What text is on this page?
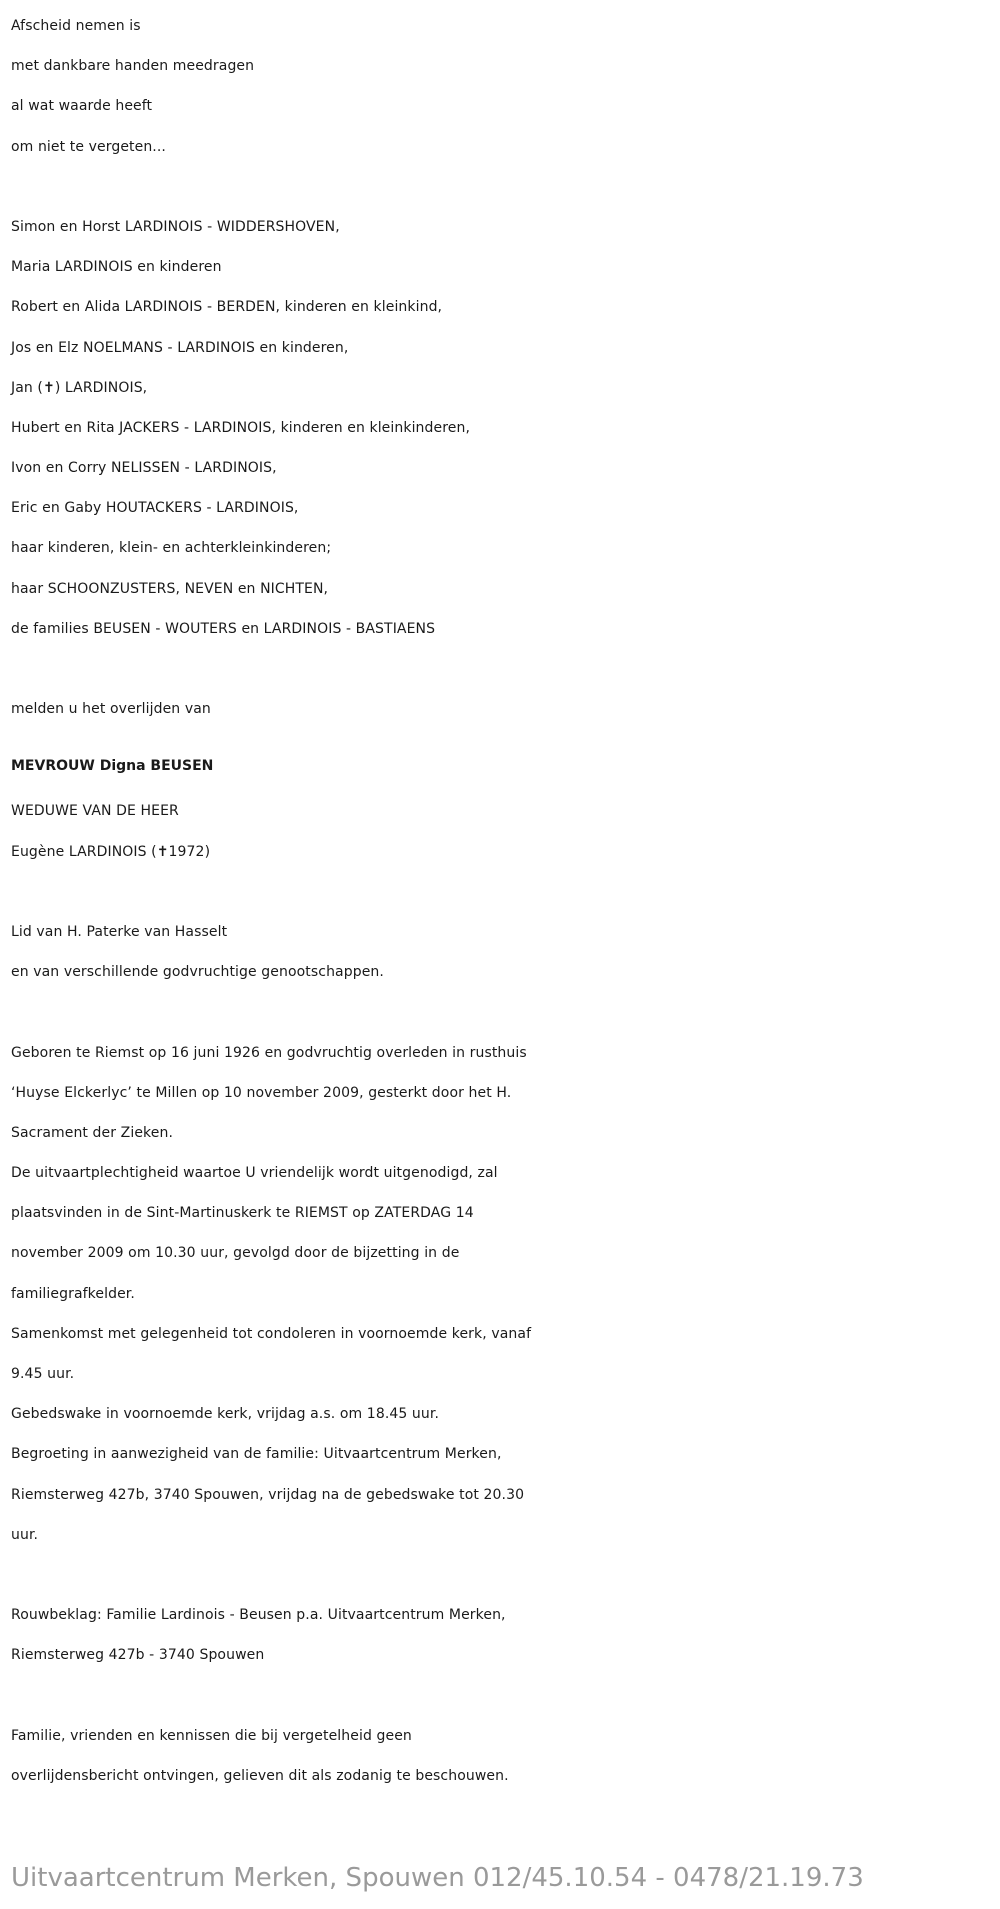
Afscheid nemen is
met dankbare handen meedragen
al wat waarde heeft
om niet te vergeten...
Simon en Horst LARDINOIS - WIDDERSHOVEN,
Maria LARDINOIS en kinderen
Robert en Alida LARDINOIS - BERDEN, kinderen en kleinkind,
Jos en Elz NOELMANS - LARDINOIS en kinderen,
Jan (✝) LARDINOIS,
Hubert en Rita JACKERS - LARDINOIS, kinderen en kleinkinderen,
Ivon en Corry NELISSEN - LARDINOIS,
Eric en Gaby HOUTACKERS - LARDINOIS,
haar kinderen, klein- en achterkleinkinderen;
haar SCHOONZUSTERS, NEVEN en NICHTEN,
de families BEUSEN - WOUTERS en LARDINOIS - BASTIAENS
melden u het overlijden van
MEVROUW Digna BEUSEN
WEDUWE VAN DE HEER
Eugène LARDINOIS (✝1972)
Lid van H. Paterke van Hasselt
en van verschillende godvruchtige genootschappen.
Geboren te Riemst op 16 juni 1926 en godvruchtig overleden in rusthuis
‘Huyse Elckerlyc’ te Millen op 10 november 2009, gesterkt door het H.
Sacrament der Zieken.
De uitvaartplechtigheid waartoe U vriendelijk wordt uitgenodigd, zal
plaatsvinden in de Sint-Martinuskerk te RIEMST op ZATERDAG 14
november 2009 om 10.30 uur, gevolgd door de bijzetting in de
familiegrafkelder.
Samenkomst met gelegenheid tot condoleren in voornoemde kerk, vanaf
9.45 uur.
Gebedswake in voornoemde kerk, vrijdag a.s. om 18.45 uur.
Begroeting in aanwezigheid van de familie: Uitvaartcentrum Merken,
Riemsterweg 427b, 3740 Spouwen, vrijdag na de gebedswake tot 20.30
uur.
Rouwbeklag: Familie Lardinois - Beusen p.a. Uitvaartcentrum Merken,
Riemsterweg 427b - 3740 Spouwen
Familie, vrienden en kennissen die bij vergetelheid geen
overlijdensbericht ontvingen, gelieven dit als zodanig te beschouwen.
Uitvaartcentrum Merken, Spouwen 012/45.10.54 - 0478/21.19.73
